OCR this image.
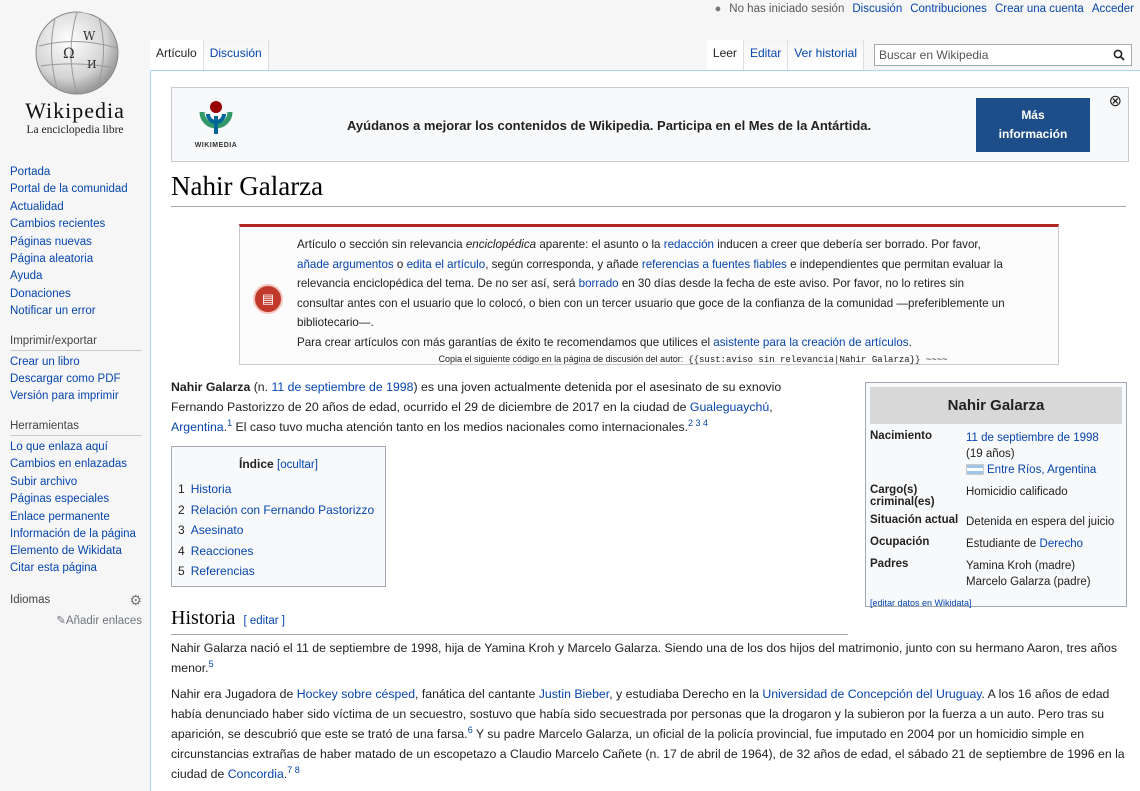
● No has iniciado sesión Discusión Contribuciones Crear una cuenta Acceder
Ω
W
И
Wikipedia
La enciclopedia libre
Portada
Portal de la comunidad
Actualidad
Cambios recientes
Páginas nuevas
Página aleatoria
Ayuda
Donaciones
Notificar un error
Imprimir/exportar
Crear un libro
Descargar como PDF
Versión para imprimir
Herramientas
Lo que enlaza aquí
Cambios en enlazadas
Subir archivo
Páginas especiales
Enlace permanente
Información de la página
Elemento de Wikidata
Citar esta página
Idiomas	⚙
✎Añadir enlaces
Artículo	Discusión	Leer	Editar	Ver historial	Buscar en Wikipedia
WIKIMEDIA
Ayúdanos a mejorar los contenidos de Wikipedia. Participa en el Mes de la Antártida.
Más
información
⊗
Nahir Galarza
▤
Artículo o sección sin relevancia enciclopédica aparente: el asunto o la redacción inducen a creer que debería ser borrado. Por favor,
añade argumentos o edita el artículo, según corresponda, y añade referencias a fuentes fiables e independientes que permitan evaluar la
relevancia enciclopédica del tema. De no ser así, será borrado en 30 días desde la fecha de este aviso. Por favor, no lo retires sin
consultar antes con el usuario que lo colocó, o bien con un tercer usuario que goce de la confianza de la comunidad —preferiblemente un
bibliotecario—.
Para crear artículos con más garantías de éxito te recomendamos que utilices el asistente para la creación de artículos.
Copia el siguiente código en la página de discusión del autor: {{sust:aviso sin relevancia|Nahir Galarza}} ~~~~
Nahir Galarza (n. 11 de septiembre de 1998) es una joven actualmente detenida por el asesinato de su exnovio Fernando Pastorizzo de 20 años de edad, ocurrido el 29 de diciembre de 2017 en la ciudad de Gualeguaychú, Argentina.$^1$ El caso tuvo mucha atención tanto en los medios nacionales como internacionales.$^{2 3 4}$
Índice [ocultar]
1 Historia
2 Relación con Fernando Pastorizzo
3 Asesinato
4 Reacciones
5 Referencias
Nahir Galarza
Nacimiento	11 de septiembre de 1998
(19 años)
Entre Ríos, Argentina
Cargo(s) criminal(es)	Homicidio calificado
Situación actual	Detenida en espera del juicio
Ocupación	Estudiante de Derecho
Padres	Yamina Kroh (madre)
Marcelo Galarza (padre)
[editar datos en Wikidata]
Historia [ editar ]
Nahir Galarza nació el 11 de septiembre de 1998, hija de Yamina Kroh y Marcelo Galarza. Siendo una de los dos hijos del matrimonio, junto con su hermano Aaron, tres años menor.$^5$
Nahir era Jugadora de Hockey sobre césped, fanática del cantante Justin Bieber, y estudiaba Derecho en la Universidad de Concepción del Uruguay. A los 16 años de edad había denunciado haber sido víctima de un secuestro, sostuvo que había sido secuestrada por personas que la drogaron y la subieron por la fuerza a un auto. Pero tras su aparición, se descubrió que este se trató de una farsa.$^6$ Y su padre Marcelo Galarza, un oficial de la policía provincial, fue imputado en 2004 por un homicidio simple en circunstancias extrañas de haber matado de un escopetazo a Claudio Marcelo Cañete (n. 17 de abril de 1964), de 32 años de edad, el sábado 21 de septiembre de 1996 en la ciudad de Concordia.$^{7 8}$
